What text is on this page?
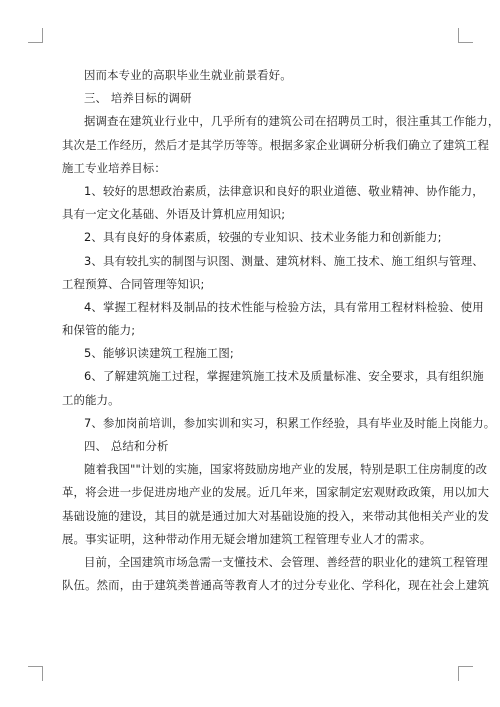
因而本专业的高职毕业生就业前景看好。
三、 培养目标的调研
据调查在建筑业行业中，几乎所有的建筑公司在招聘员工时，很注重其工作能力，
其次是工作经历，然后才是其学历等等。根据多家企业调研分析我们确立了建筑工程
施工专业培养目标：
1、较好的思想政治素质，法律意识和良好的职业道德、敬业精神、协作能力，
具有一定文化基础、外语及计算机应用知识;
2、具有良好的身体素质，较强的专业知识、技术业务能力和创新能力;
3、具有较扎实的制图与识图、测量、建筑材料、施工技术、施工组织与管理、
工程预算、合同管理等知识;
4、掌握工程材料及制品的技术性能与检验方法，具有常用工程材料检验、使用
和保管的能力;
5、能够识读建筑工程施工图;
6、了解建筑施工过程，掌握建筑施工技术及质量标准、安全要求，具有组织施
工的能力。
7、参加岗前培训，参加实训和实习，积累工作经验，具有毕业及时能上岗能力。
四、 总结和分析
随着我国""计划的实施，国家将鼓励房地产业的发展，特别是职工住房制度的改
革，将会进一步促进房地产业的发展。近几年来，国家制定宏观财政政策，用以加大
基础设施的建设，其目的就是通过加大对基础设施的投入，来带动其他相关产业的发
展。事实证明，这种带动作用无疑会增加建筑工程管理专业人才的需求。
目前，全国建筑市场急需一支懂技术、会管理、善经营的职业化的建筑工程管理
队伍。然而，由于建筑类普通高等教育人才的过分专业化、学科化，现在社会上建筑
